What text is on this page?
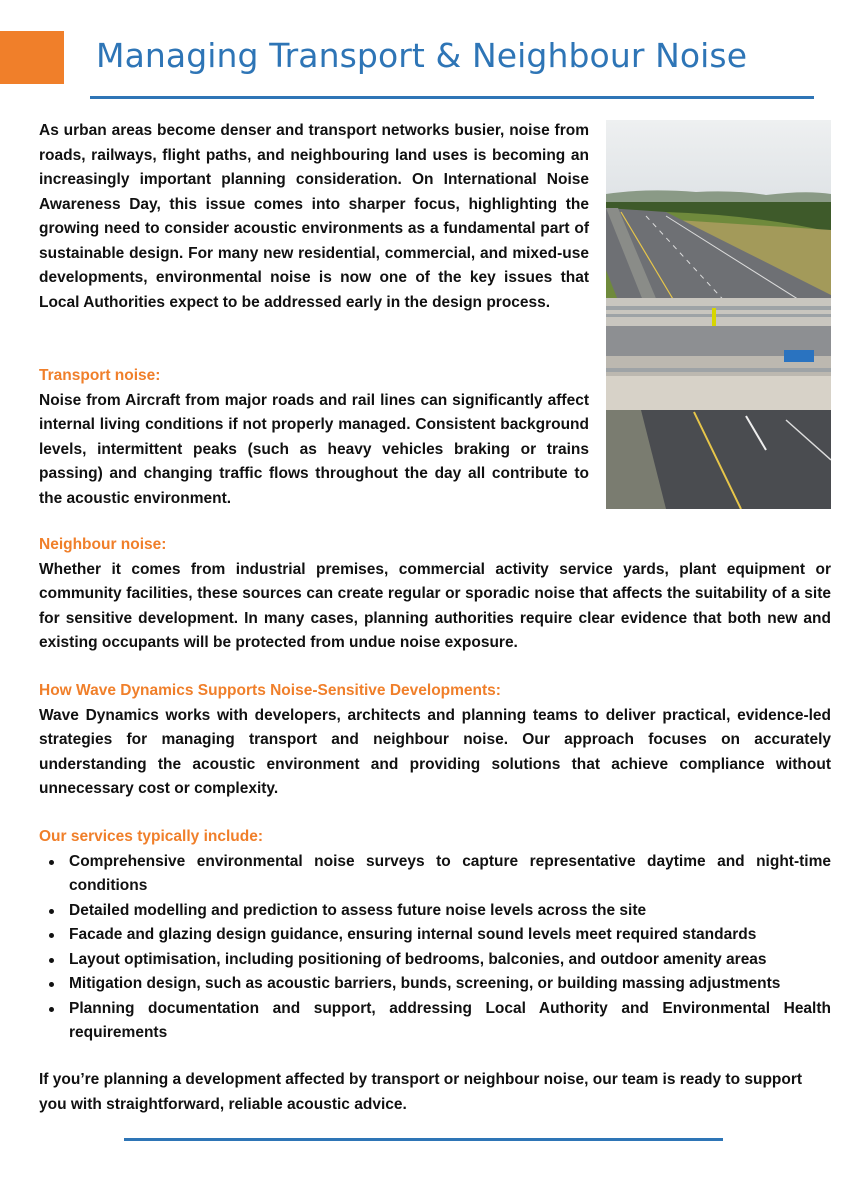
Managing Transport & Neighbour Noise

As urban areas become denser and transport networks busier, noise from roads, railways, flight paths, and neighbouring land uses is becoming an increasingly important planning consideration. On International Noise Awareness Day, this issue comes into sharper focus, highlighting the growing need to consider acoustic environments as a fundamental part of sustainable design. For many new residential, commercial, and mixed-use developments, environmental noise is now one of the key issues that Local Authorities expect to be addressed early in the design process.

Transport noise:

Noise from Aircraft from major roads and rail lines can significantly affect internal living conditions if not properly managed. Consistent background levels, intermittent peaks (such as heavy vehicles braking or trains passing) and changing traffic flows throughout the day all contribute to the acoustic environment.

Neighbour noise:

Whether it comes from industrial premises, commercial activity service yards, plant equipment or community facilities, these sources can create regular or sporadic noise that affects the suitability of a site for sensitive development. In many cases, planning authorities require clear evidence that both new and existing occupants will be protected from undue noise exposure.

How Wave Dynamics Supports Noise-Sensitive Developments:

Wave Dynamics works with developers, architects and planning teams to deliver practical, evidence-led strategies for managing transport and neighbour noise. Our approach focuses on accurately understanding the acoustic environment and providing solutions that achieve compliance without unnecessary cost or complexity.

Our services typically include:
Comprehensive environmental noise surveys to capture representative daytime and night-time conditions
Detailed modelling and prediction to assess future noise levels across the site
Facade and glazing design guidance, ensuring internal sound levels meet required standards
Layout optimisation, including positioning of bedrooms, balconies, and outdoor amenity areas
Mitigation design, such as acoustic barriers, bunds, screening, or building massing adjustments
Planning documentation and support, addressing Local Authority and Environmental Health requirements

If you’re planning a development affected by transport or neighbour noise, our team is ready to support you with straightforward, reliable acoustic advice.
